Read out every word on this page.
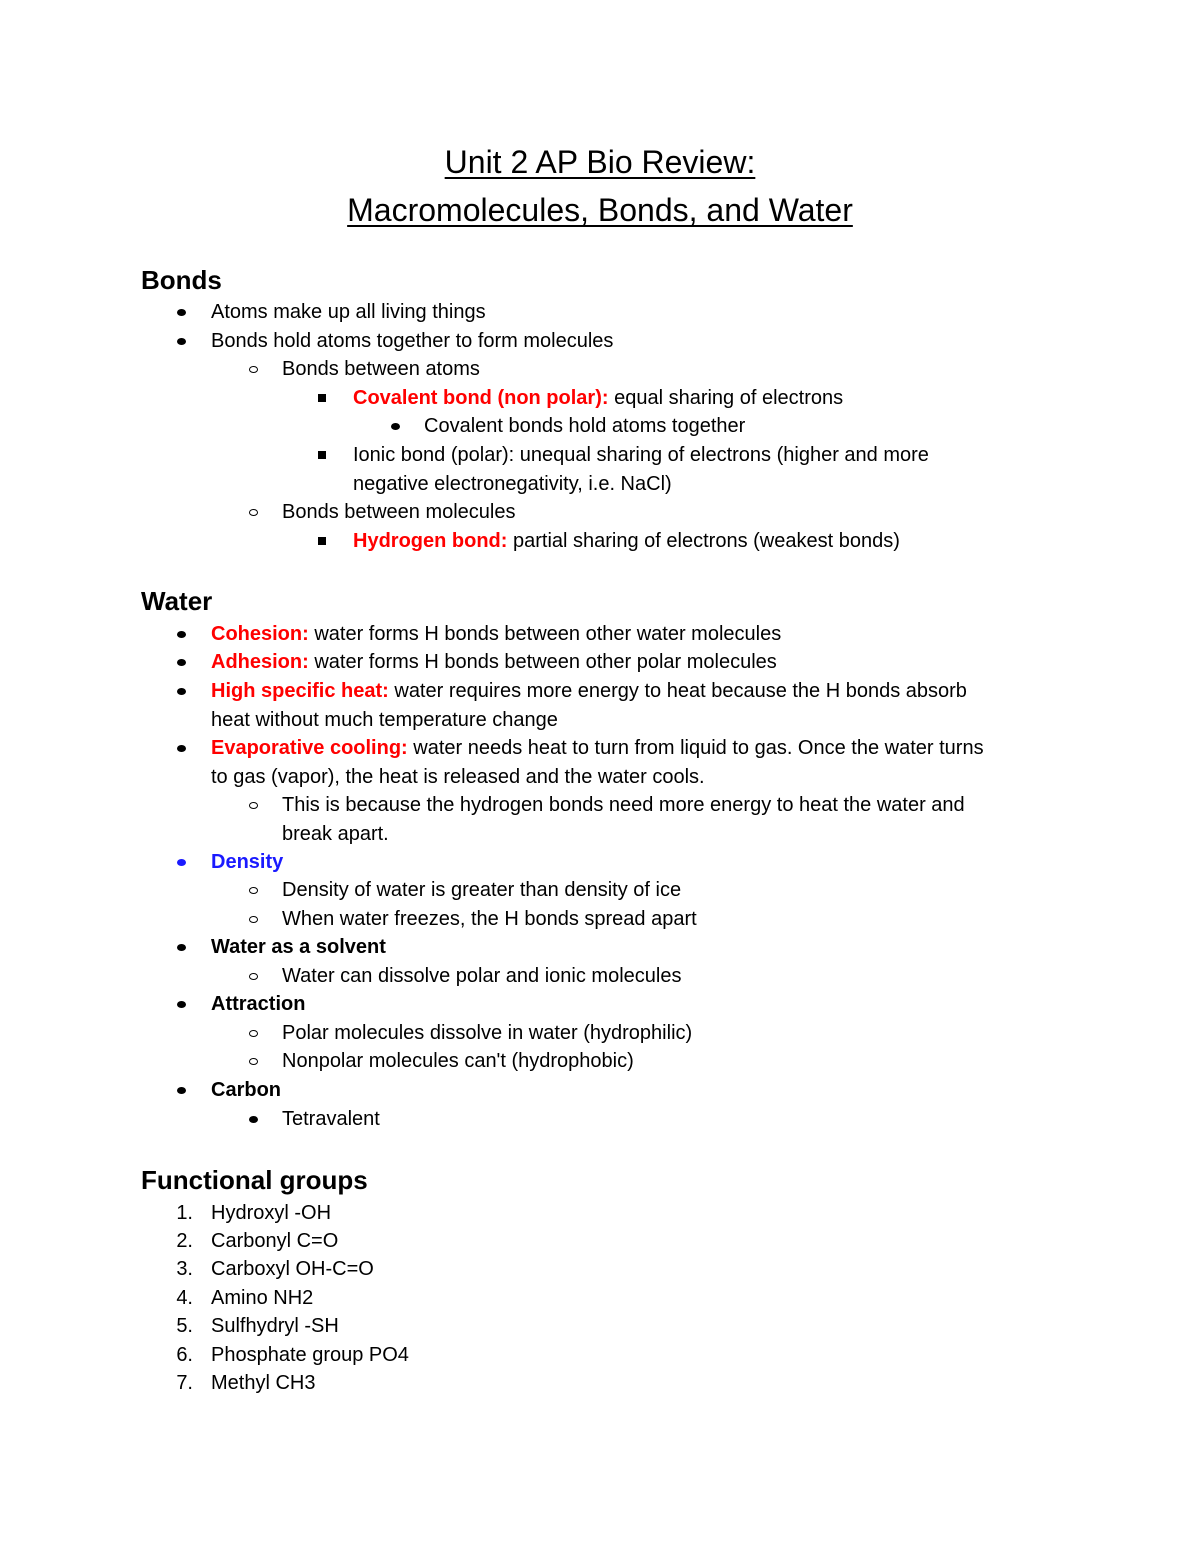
Unit 2 AP Bio Review:
Macromolecules, Bonds, and Water
Bonds
Atoms make up all living things
Bonds hold atoms together to form molecules
Bonds between atoms
Covalent bond (non polar): equal sharing of electrons
Covalent bonds hold atoms together
Ionic bond (polar): unequal sharing of electrons (higher and more
negative electronegativity, i.e. NaCl)
Bonds between molecules
Hydrogen bond: partial sharing of electrons (weakest bonds)
Water
Cohesion: water forms H bonds between other water molecules
Adhesion: water forms H bonds between other polar molecules
High specific heat: water requires more energy to heat because the H bonds absorb
heat without much temperature change
Evaporative cooling: water needs heat to turn from liquid to gas. Once the water turns
to gas (vapor), the heat is released and the water cools.
This is because the hydrogen bonds need more energy to heat the water and
break apart.
Density
Density of water is greater than density of ice
When water freezes, the H bonds spread apart
Water as a solvent
Water can dissolve polar and ionic molecules
Attraction
Polar molecules dissolve in water (hydrophilic)
Nonpolar molecules can't (hydrophobic)
Carbon
Tetravalent
Functional groups
1. Hydroxyl -OH
2. Carbonyl C=O
3. Carboxyl OH-C=O
4. Amino NH2
5. Sulfhydryl -SH
6. Phosphate group PO4
7. Methyl CH3
